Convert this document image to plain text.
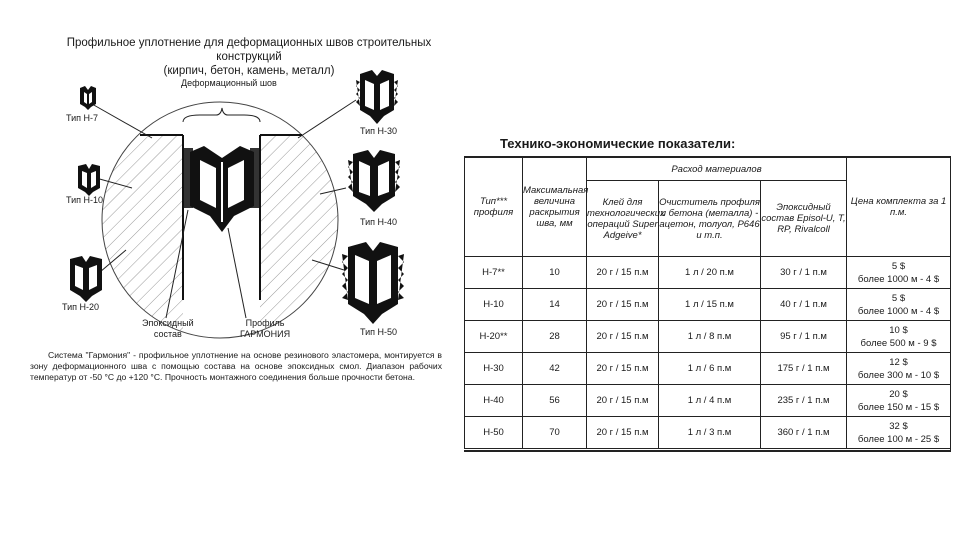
Профильное уплотнение для деформационных швов строительных конструкций
(кирпич, бетон, камень, металл)
Деформационный шов
Тип Н-7
Тип Н-10
Тип Н-20
Тип Н-30
Тип Н-40
Тип Н-50
Эпоксидный
состав
Профиль
ГАРМОНИЯ
Система "Гармония" - профильное уплотнение на основе резинового эластомера, монтируется в зону деформационного шва с помощью состава на основе эпоксидных смол. Диапазон рабочих температур от -50 °С до +120 °С. Прочность монтажного соединения больше прочности бетона.
Технико-экономические показатели:
Тип*** профиля	Максимальная величина раскрытия шва, мм	Расход материалов			Цена комплекта за 1 п.м.
		Клей для технологических операций Super Adgeive*	Очиститель профиля и бетона (металла) - ацетон, толуол, Р646 и т.п.	Эпоксидный состав Episol-U, T, RP, Rivalcoll	
Н-7**	10	20 г / 15 п.м	1 л / 20 п.м	30 г / 1 п.м	5 $
более 1000 м - 4 $

Н-10	14	20 г / 15 п.м	1 л / 15 п.м	40 г / 1 п.м	5 $
более 1000 м - 4 $

Н-20**	28	20 г / 15 п.м	1 л / 8 п.м	95 г / 1 п.м	10 $
более 500 м - 9 $

Н-30	42	20 г / 15 п.м	1 л / 6 п.м	175 г / 1 п.м	12 $
более 300 м - 10 $

Н-40	56	20 г / 15 п.м	1 л / 4 п.м	235 г / 1 п.м	20 $
более 150 м - 15 $

Н-50	70	20 г / 15 п.м	1 л / 3 п.м	360 г / 1 п.м	32 $
более 100 м - 25 $
